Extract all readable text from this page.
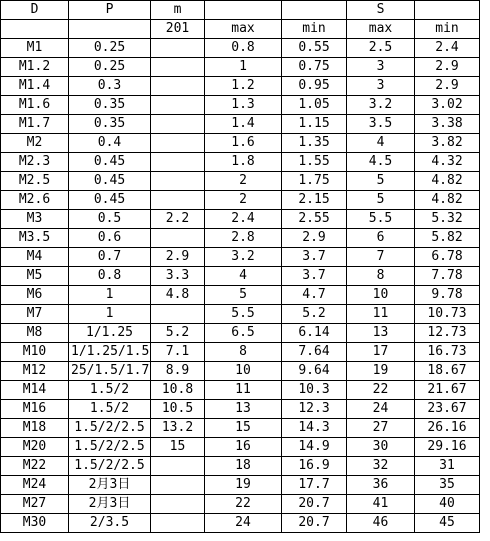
D	P	m			S	
		201	max	min	max	min
M1	0.25		0.8	0.55	2.5	2.4
M1.2	0.25		1	0.75	3	2.9
M1.4	0.3		1.2	0.95	3	2.9
M1.6	0.35		1.3	1.05	3.2	3.02
M1.7	0.35		1.4	1.15	3.5	3.38
M2	0.4		1.6	1.35	4	3.82
M2.3	0.45		1.8	1.55	4.5	4.32
M2.5	0.45		2	1.75	5	4.82
M2.6	0.45		2	2.15	5	4.82
M3	0.5	2.2	2.4	2.55	5.5	5.32
M3.5	0.6		2.8	2.9	6	5.82
M4	0.7	2.9	3.2	3.7	7	6.78
M5	0.8	3.3	4	3.7	8	7.78
M6	1	4.8	5	4.7	10	9.78
M7	1		5.5	5.2	11	10.73
M8	1/1.25	5.2	6.5	6.14	13	12.73
M10	1/1.25/1.5	7.1	8	7.64	17	16.73
M12	25/1.5/1.7	8.9	10	9.64	19	18.67
M14	1.5/2	10.8	11	10.3	22	21.67
M16	1.5/2	10.5	13	12.3	24	23.67
M18	1.5/2/2.5	13.2	15	14.3	27	26.16
M20	1.5/2/2.5	15	16	14.9	30	29.16
M22	1.5/2/2.5		18	16.9	32	31
M24	2月3日		19	17.7	36	35
M27	2月3日		22	20.7	41	40
M30	2/3.5		24	20.7	46	45
